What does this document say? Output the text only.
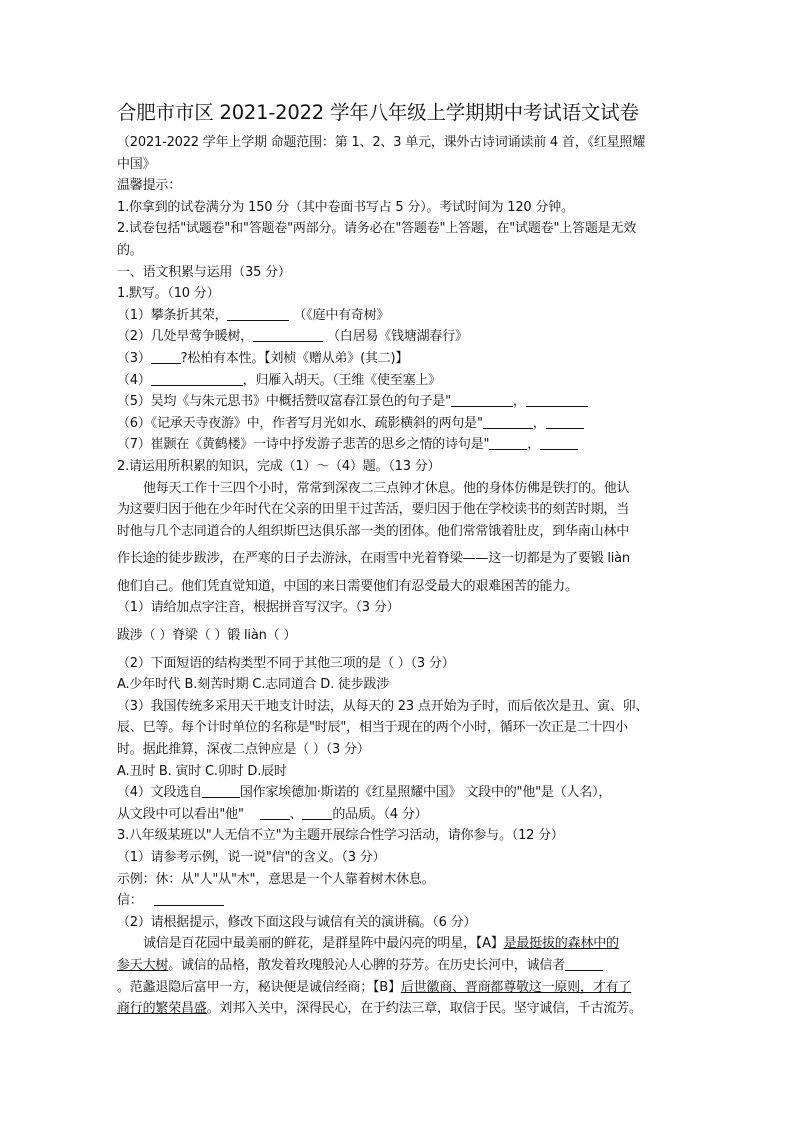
合肥市市区 2021-2022 学年八年级上学期期中考试语文试卷

（2021-2022 学年上学期 命题范围：第 1、2、3 单元，课外古诗词诵读前 4 首，《红星照耀

中国》

温馨提示：

1.你拿到的试卷满分为 150 分（其中卷面书写占 5 分）。考试时间为 120 分钟。

2.试卷包括"试题卷"和"答题卷"两部分。请务必在"答题卷"上答题，在"试题卷"上答题是无效

的。

一、语文积累与运用（35 分）

1.默写。（10 分）

（1）攀条折其荣，	（《庭中有奇树》

（2）几处早莺争暖树，	（白居易《钱塘湖春行》

（3） ?松柏有本性。【刘桢《赠从弟》(其二)】

（4）	，归雁入胡天。（王维《使至塞上》

（5）吴均《与朱元思书》中概括赞叹富春江景色的句子是"	，

（6）《记承天寺夜游》中，作者写月光如水、疏影横斜的两句是"	，

（7）崔颢在《黄鹤楼》一诗中抒发游子悲苦的思乡之情的诗句是"	，

2.请运用所积累的知识，完成（1）～（4）题。（13 分）

他每天工作十三四个小时，常常到深夜二三点钟才休息。他的身体仿佛是铁打的。他认

为这要归因于他在少年时代在父亲的田里干过苦活，要归因于他在学校读书的刻苦时期，当

时他与几个志同道合的人组织斯巴达俱乐部一类的团体。他们常常饿着肚皮，到华南山林中

作长途的徒步跋涉，在严寒的日子去游泳，在雨雪中光着脊梁——这一切都是为了要锻 liàn

他们自己。他们凭直觉知道，中国的来日需要他们有忍受最大的艰难困苦的能力。

（1）请给加点字注音，根据拼音写汉字。（3 分）

跋涉（ ）脊梁（ ）锻 liàn（ ）

（2）下面短语的结构类型不同于其他三项的是（ ）（3 分）

A.少年时代 B.刻苦时期 C.志同道合 D. 徒步跋涉

（3）我国传统多采用天干地支计时法，从每天的 23 点开始为子时，而后依次是丑、寅、卯、

辰、巳等。每个计时单位的名称是"时辰"，相当于现在的两个小时，循环一次正是二十四小

时。据此推算，深夜二点钟应是（ ）（3 分）

A.丑时 B. 寅时 C.卯时 D.辰时

（4）文段选自	国作家埃德加·斯诺的《红星照耀中国》 文段中的"他"是（人名），

从文段中可以看出"他"	、 的品质。（4 分）

3.八年级某班以"人无信不立"为主题开展综合性学习活动，请你参与。（12 分）

（1）请参考示例，说一说"信"的含义。（3 分）

示例：休：从"人"从"木"，意思是一个人靠着树木休息。

信：

（2）请根据提示，修改下面这段与诚信有关的演讲稿。（6 分）

诚信是百花园中最美丽的鲜花，是群星阵中最闪亮的明星，【A】是最挺拔的森林中的

参天大树。诚信的品格，散发着玫瑰般沁人心脾的芬芳。在历史长河中，诚信者

。范蠡退隐后富甲一方，秘诀便是诚信经商；【B】后世徽商、晋商都尊敬这一原则，才有了

商行的繁荣昌盛。刘邦入关中，深得民心，在于约法三章，取信于民。坚守诚信，千古流芳。
